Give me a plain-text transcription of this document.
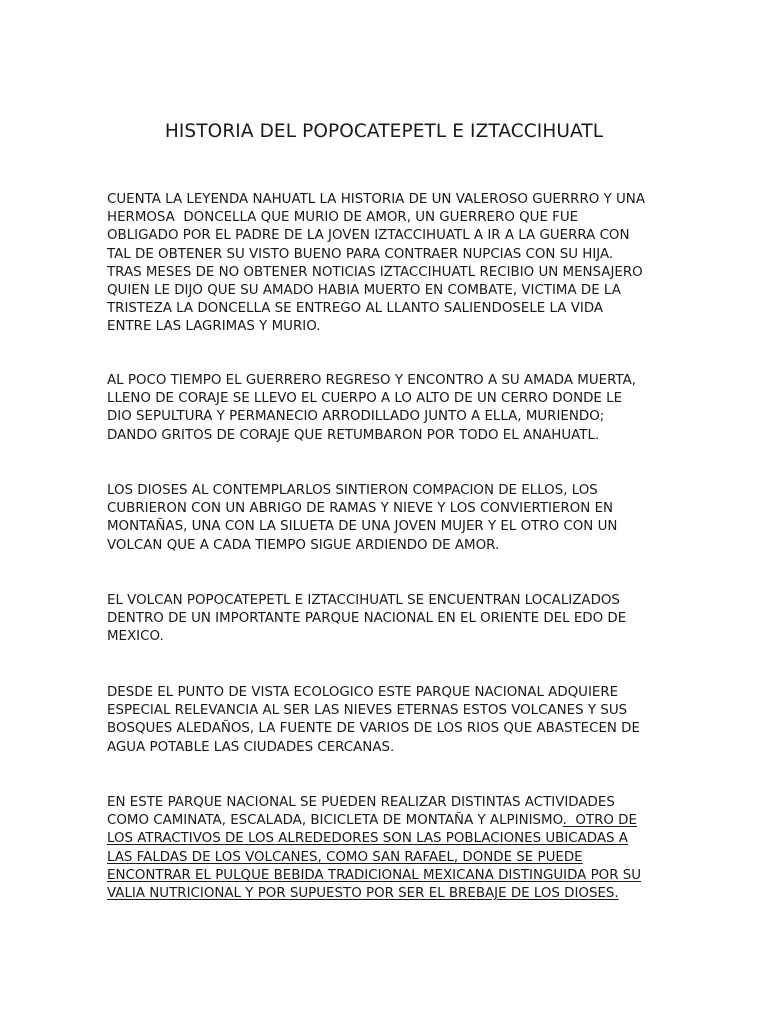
HISTORIA DEL POPOCATEPETL E IZTACCIHUATL

CUENTA LA LEYENDA NAHUATL LA HISTORIA DE UN VALEROSO GUERRRO Y UNA
HERMOSA  DONCELLA QUE MURIO DE AMOR, UN GUERRERO QUE FUE
OBLIGADO POR EL PADRE DE LA JOVEN IZTACCIHUATL A IR A LA GUERRA CON
TAL DE OBTENER SU VISTO BUENO PARA CONTRAER NUPCIAS CON SU HIJA.
TRAS MESES DE NO OBTENER NOTICIAS IZTACCIHUATL RECIBIO UN MENSAJERO
QUIEN LE DIJO QUE SU AMADO HABIA MUERTO EN COMBATE, VICTIMA DE LA
TRISTEZA LA DONCELLA SE ENTREGO AL LLANTO SALIENDOSELE LA VIDA
ENTRE LAS LAGRIMAS Y MURIO.

AL POCO TIEMPO EL GUERRERO REGRESO Y ENCONTRO A SU AMADA MUERTA,
LLENO DE CORAJE SE LLEVO EL CUERPO A LO ALTO DE UN CERRO DONDE LE
DIO SEPULTURA Y PERMANECIO ARRODILLADO JUNTO A ELLA, MURIENDO;
DANDO GRITOS DE CORAJE QUE RETUMBARON POR TODO EL ANAHUATL.

LOS DIOSES AL CONTEMPLARLOS SINTIERON COMPACION DE ELLOS, LOS
CUBRIERON CON UN ABRIGO DE RAMAS Y NIEVE Y LOS CONVIERTIERON EN
MONTAÑAS, UNA CON LA SILUETA DE UNA JOVEN MUJER Y EL OTRO CON UN
VOLCAN QUE A CADA TIEMPO SIGUE ARDIENDO DE AMOR.

EL VOLCAN POPOCATEPETL E IZTACCIHUATL SE ENCUENTRAN LOCALIZADOS
DENTRO DE UN IMPORTANTE PARQUE NACIONAL EN EL ORIENTE DEL EDO DE
MEXICO.

DESDE EL PUNTO DE VISTA ECOLOGICO ESTE PARQUE NACIONAL ADQUIERE
ESPECIAL RELEVANCIA AL SER LAS NIEVES ETERNAS ESTOS VOLCANES Y SUS
BOSQUES ALEDAÑOS, LA FUENTE DE VARIOS DE LOS RIOS QUE ABASTECEN DE
AGUA POTABLE LAS CIUDADES CERCANAS.

EN ESTE PARQUE NACIONAL SE PUEDEN REALIZAR DISTINTAS ACTIVIDADES
COMO CAMINATA, ESCALADA, BICICLETA DE MONTAÑA Y ALPINISMO.  OTRO DE
LOS ATRACTIVOS DE LOS ALREDEDORES SON LAS POBLACIONES UBICADAS A
LAS FALDAS DE LOS VOLCANES, COMO SAN RAFAEL, DONDE SE PUEDE
ENCONTRAR EL PULQUE BEBIDA TRADICIONAL MEXICANA DISTINGUIDA POR SU
VALIA NUTRICIONAL Y POR SUPUESTO POR SER EL BREBAJE DE LOS DIOSES.
